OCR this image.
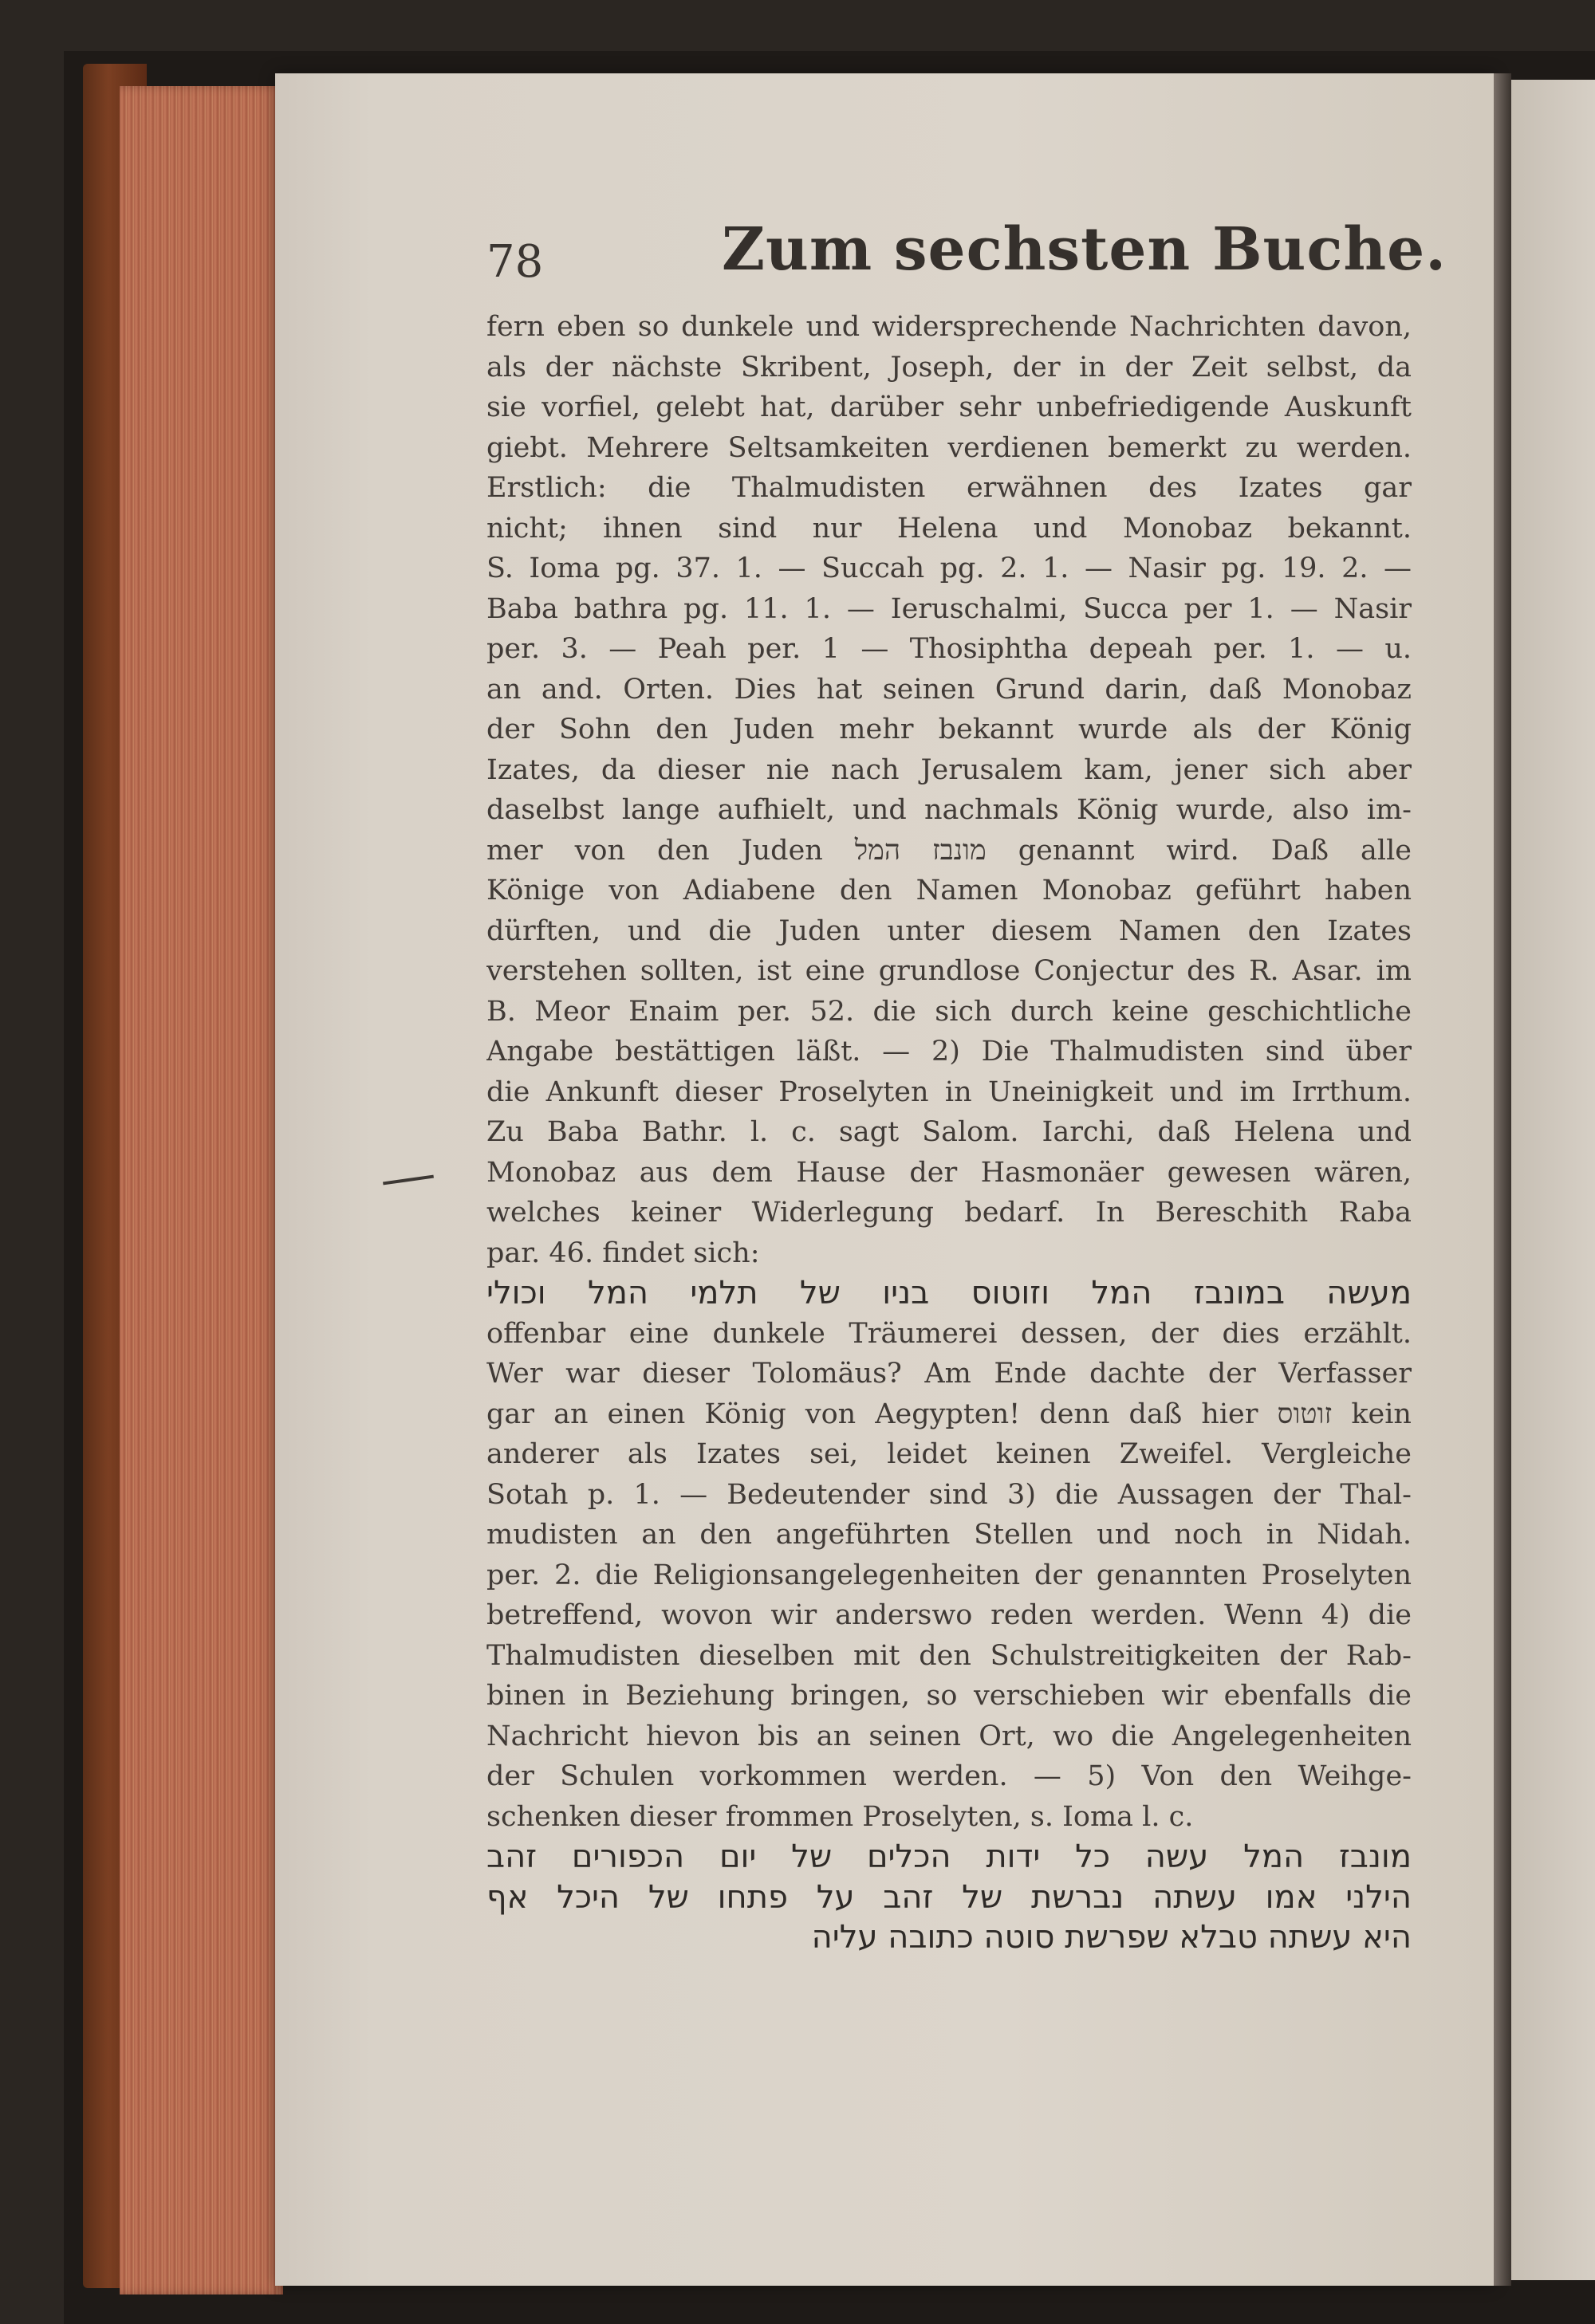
78	Zum sechsten Buche.
fern eben so dunkele und widersprechende Nachrichten davon,
als der nächste Skribent, Joseph, der in der Zeit selbst, da
sie vorfiel, gelebt hat, darüber sehr unbefriedigende Auskunft
giebt. Mehrere Seltsamkeiten verdienen bemerkt zu werden.
Erstlich: die Thalmudisten erwähnen des Izates gar
nicht; ihnen sind nur Helena und Monobaz bekannt.
S. Ioma pg. 37. 1. — Succah pg. 2. 1. — Nasir pg. 19. 2. —
Baba bathra pg. 11. 1. — Ieruschalmi, Succa per 1. — Nasir
per. 3. — Peah per. 1 — Thosiphtha depeah per. 1. — u.
an and. Orten. Dies hat seinen Grund darin, daß Monobaz
der Sohn den Juden mehr bekannt wurde als der König
Izates, da dieser nie nach Jerusalem kam, jener sich aber
daselbst lange aufhielt, und nachmals König wurde, also im-
mer von den Juden מונבז המל genannt wird. Daß alle
Könige von Adiabene den Namen Monobaz geführt haben
dürften, und die Juden unter diesem Namen den Izates
verstehen sollten, ist eine grundlose Conjectur des R. Asar. im
B. Meor Enaim per. 52. die sich durch keine geschichtliche
Angabe bestättigen läßt. — 2) Die Thalmudisten sind über
die Ankunft dieser Proselyten in Uneinigkeit und im Irrthum.
Zu Baba Bathr. l. c. sagt Salom. Iarchi, daß Helena und
Monobaz aus dem Hause der Hasmonäer gewesen wären,
welches keiner Widerlegung bedarf. In Bereschith Raba
par. 46. findet sich:
מעשה במונבז המל וזוטוס בניו של תלמי המל וכולי
offenbar eine dunkele Träumerei dessen, der dies erzählt.
Wer war dieser Tolomäus? Am Ende dachte der Verfasser
gar an einen König von Aegypten! denn daß hier זוטוס kein
anderer als Izates sei, leidet keinen Zweifel. Vergleiche
Sotah p. 1. — Bedeutender sind 3) die Aussagen der Thal-
mudisten an den angeführten Stellen und noch in Nidah.
per. 2. die Religionsangelegenheiten der genannten Proselyten
betreffend, wovon wir anderswo reden werden. Wenn 4) die
Thalmudisten dieselben mit den Schulstreitigkeiten der Rab-
binen in Beziehung bringen, so verschieben wir ebenfalls die
Nachricht hievon bis an seinen Ort, wo die Angelegenheiten
der Schulen vorkommen werden. — 5) Von den Weihge-
schenken dieser frommen Proselyten, s. Ioma l. c.
מונבז המל עשה כל ידות הכלים של יום הכפורים זהב
הילני אמו עשתה נברשת של זהב על פתחו של היכל אף
היא עשתה טבלא שפרשת סוטה כתובה עליה
